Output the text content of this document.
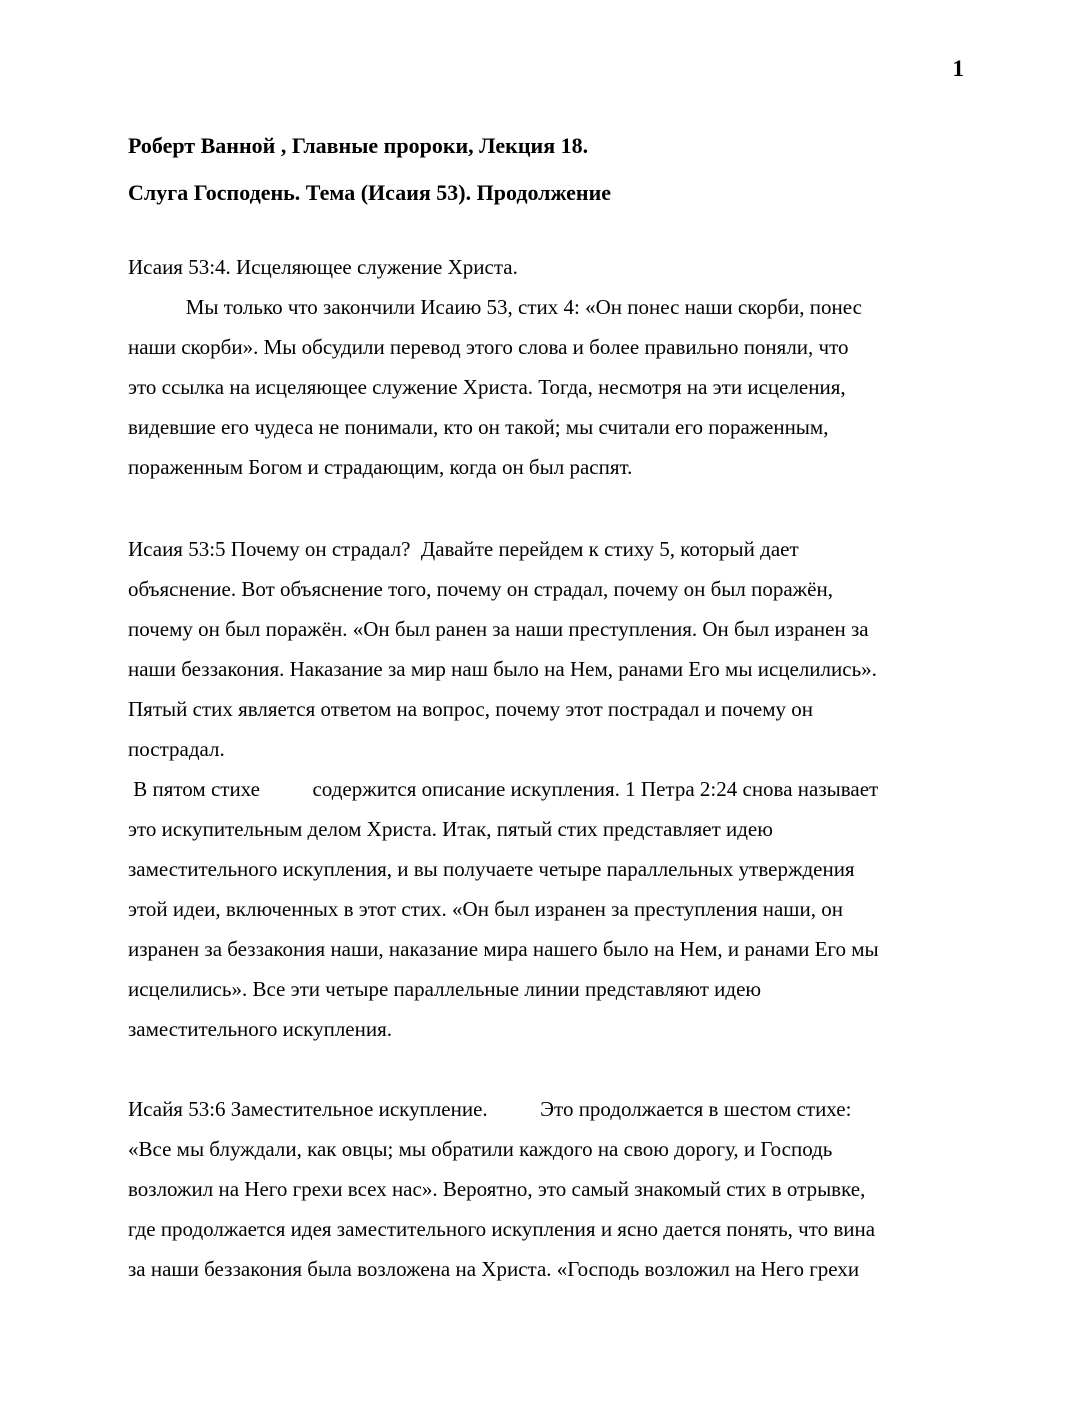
1
Роберт Ванной , Главные пророки, Лекция 18.
Слуга Господень. Тема (Исаия 53). Продолжение
Исаия 53:4. Исцеляющее служение Христа.
Мы только что закончили Исаию 53, стих 4: «Он понес наши скорби, понес
наши скорби». Мы обсудили перевод этого слова и более правильно поняли, что
это ссылка на исцеляющее служение Христа. Тогда, несмотря на эти исцеления,
видевшие его чудеса не понимали, кто он такой; мы считали его пораженным,
пораженным Богом и страдающим, когда он был распят.
Исаия 53:5 Почему он страдал?  Давайте перейдем к стиху 5, который дает
объяснение. Вот объяснение того, почему он страдал, почему он был поражён,
почему он был поражён. «Он был ранен за наши преступления. Он был изранен за
наши беззакония. Наказание за мир наш было на Нем, ранами Его мы исцелились».
Пятый стих является ответом на вопрос, почему этот пострадал и почему он
пострадал.
В пятом стихе          содержится описание искупления. 1 Петра 2:24 снова называет
это искупительным делом Христа. Итак, пятый стих представляет идею
заместительного искупления, и вы получаете четыре параллельных утверждения
этой идеи, включенных в этот стих. «Он был изранен за преступления наши, он
изранен за беззакония наши, наказание мира нашего было на Нем, и ранами Его мы
исцелились». Все эти четыре параллельные линии представляют идею
заместительного искупления.
Исайя 53:6 Заместительное искупление.          Это продолжается в шестом стихе:
«Все мы блуждали, как овцы; мы обратили каждого на свою дорогу, и Господь
возложил на Него грехи всех нас». Вероятно, это самый знакомый стих в отрывке,
где продолжается идея заместительного искупления и ясно дается понять, что вина
за наши беззакония была возложена на Христа. «Господь возложил на Него грехи
